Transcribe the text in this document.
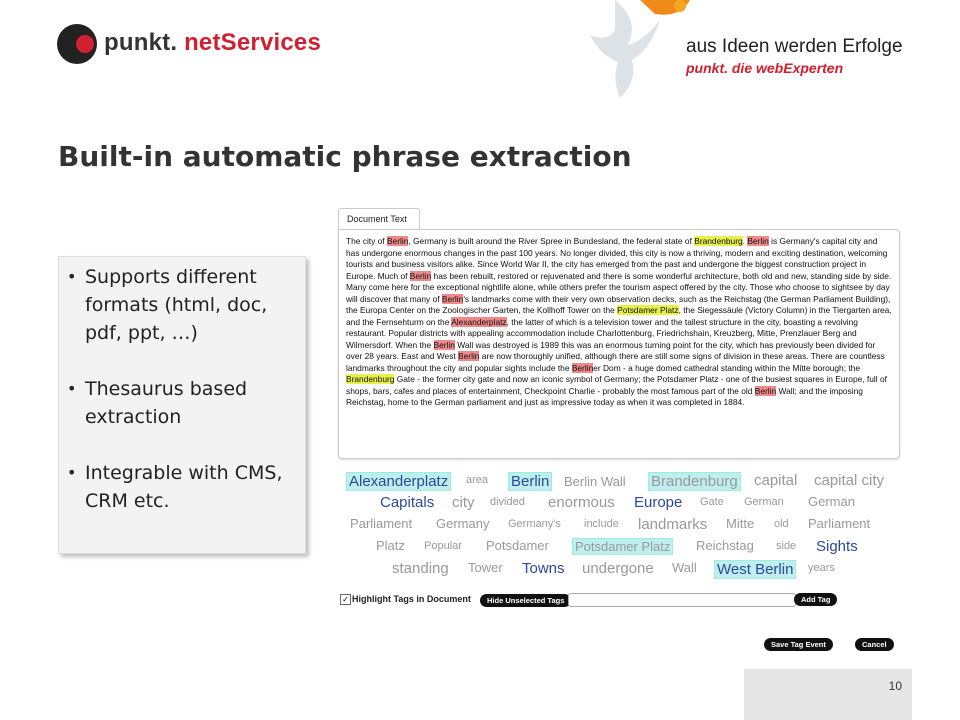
punkt. netServices	aus Ideen werden Erfolge
punkt. die webExperten
Built-in automatic phrase extraction
• Supports different formats (html, doc, pdf, ppt, …)
• Thesaurus based extraction
• Integrable with CMS, CRM etc.
Document Text
The city of Berlin, Germany is built around the River Spree in Bundesland, the federal state of Brandenburg. Berlin is Germany's capital city and has undergone enormous changes in the past 100 years. No longer divided, this city is now a thriving, modern and exciting destination, welcoming tourists and business visitors alike. Since World War II, the city has emerged from the past and undergone the biggest construction project in Europe. Much of Berlin has been rebuilt, restored or rejuvenated and there is some wonderful architecture, both old and new, standing side by side. Many come here for the exceptional nightlife alone, while others prefer the tourism aspect offered by the city. Those who choose to sightsee by day will discover that many of Berlin's landmarks come with their very own observation decks, such as the Reichstag (the German Parliament Building), the Europa Center on the Zoologischer Garten, the Kollhoff Tower on the Potsdamer Platz, the Siegessäule (Victory Column) in the Tiergarten area, and the Fernsehturm on the Alexanderplatz, the latter of which is a television tower and the tallest structure in the city, boasting a revolving restaurant. Popular districts with appealing accommodation include Charlottenburg, Friedrichshain, Kreuzberg, Mitte, Prenzlauer Berg and Wilmersdorf. When the Berlin Wall was destroyed is 1989 this was an enormous turning point for the city, which has previously been divided for over 28 years. East and West Berlin are now thoroughly unified, although there are still some signs of division in these areas. There are countless landmarks throughout the city and popular sights include the Berliner Dom - a huge domed cathedral standing within the Mitte borough; the Brandenburg Gate - the former city gate and now an iconic symbol of Germany; the Potsdamer Platz - one of the busiest squares in Europe, full of shops, bars, cafes and places of entertainment, Checkpoint Charlie - probably the most famous part of the old Berlin Wall; and the imposing Reichstag, home to the German parliament and just as impressive today as when it was completed in 1884.
Alexanderplatz area Berlin Berlin Wall Brandenburg capital capital city
Capitals city divided enormous Europe Gate German German
Parliament Germany Germany's include landmarks Mitte old Parliament
Platz Popular Potsdamer Potsdamer Platz Reichstag side Sights
standing Tower Towns undergone Wall West Berlin years
✓ Highlight Tags in Document	Hide Unselected Tags	Add Tag
Save Tag Event	Cancel
10
